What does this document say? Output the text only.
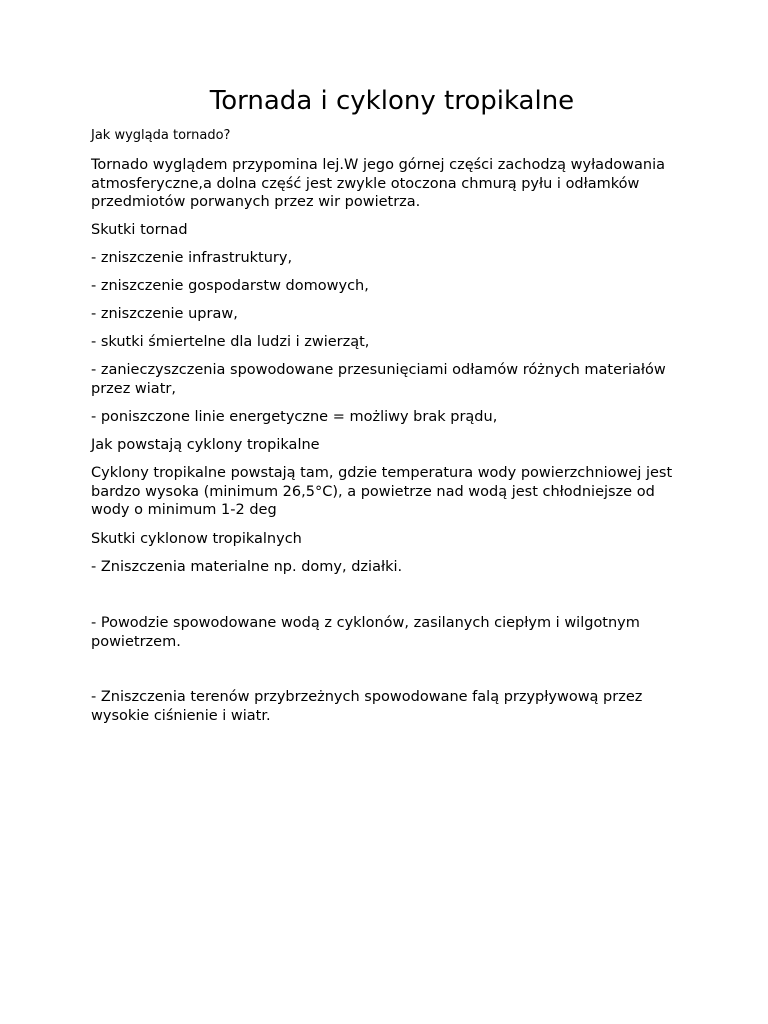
Tornada i cyklony tropikalne

Jak wygląda tornado?

Tornado wyglądem przypomina lej.W jego górnej części zachodzą wyładowania atmosferyczne,a dolna część jest zwykle otoczona chmurą pyłu i odłamków przedmiotów porwanych przez wir powietrza.

Skutki tornad

- zniszczenie infrastruktury,

- zniszczenie gospodarstw domowych,

- zniszczenie upraw,

- skutki śmiertelne dla ludzi i zwierząt,

- zanieczyszczenia spowodowane przesunięciami odłamów różnych materiałów przez wiatr,

- poniszczone linie energetyczne = możliwy brak prądu,

Jak powstają cyklony tropikalne

Cyklony tropikalne powstają tam, gdzie temperatura wody powierzchniowej jest bardzo wysoka (minimum 26,5°C), a powietrze nad wodą jest chłodniejsze od wody o minimum 1-2 deg

Skutki cyklonow tropikalnych

- Zniszczenia materialne np. domy, działki.

- Powodzie spowodowane wodą z cyklonów, zasilanych ciepłym i wilgotnym powietrzem.

- Zniszczenia terenów przybrzeżnych spowodowane falą przypływową przez wysokie ciśnienie i wiatr.
